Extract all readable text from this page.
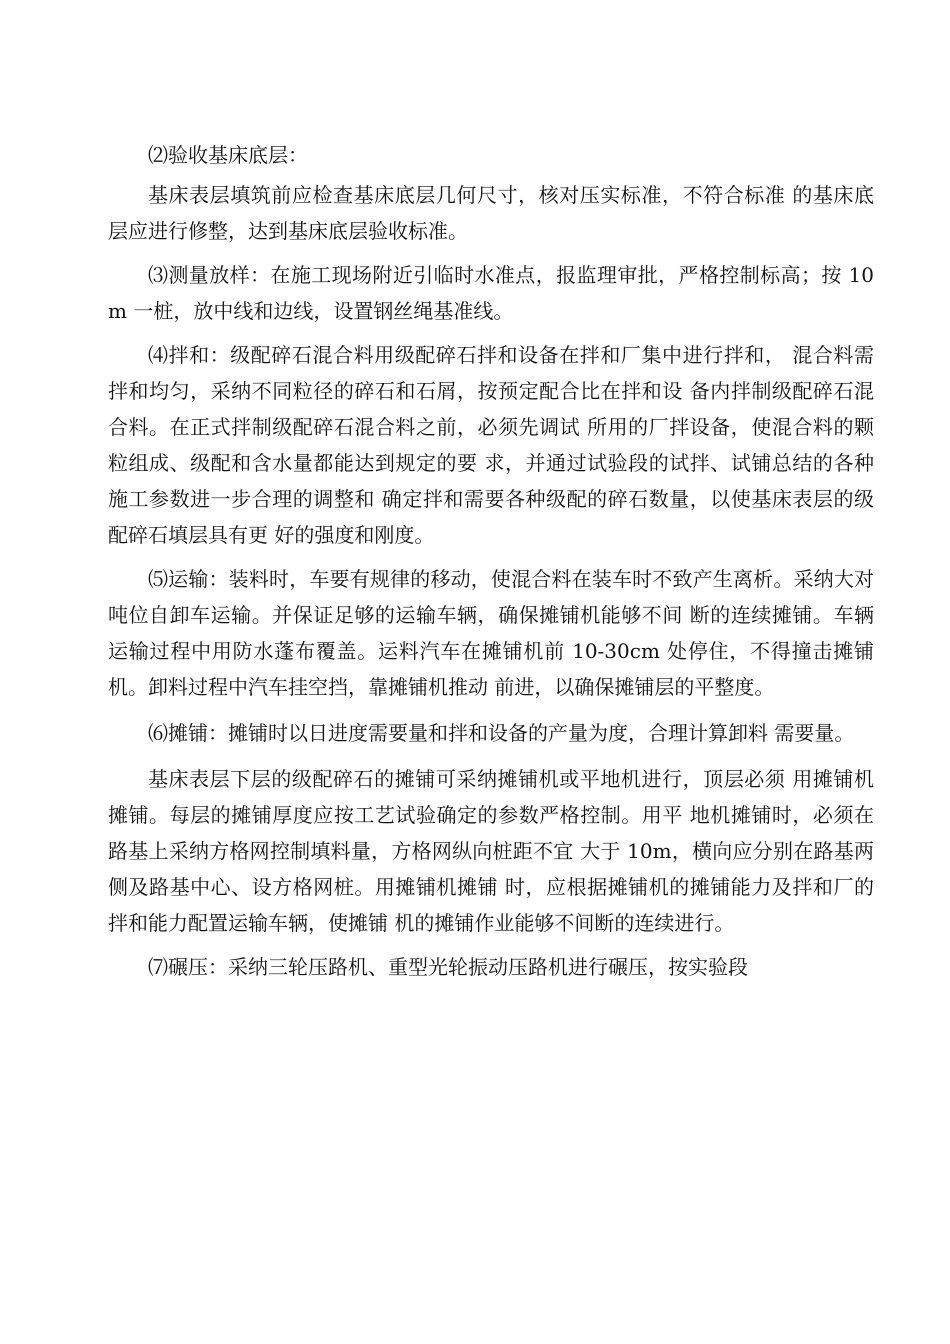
⑵验收基床底层：

基床表层填筑前应检查基床底层几何尺寸，核对压实标准，不符合标准 的基床底层应进行修整，达到基床底层验收标准。

⑶测量放样：在施工现场附近引临时水准点，报监理审批，严格控制标高；按 10m 一桩，放中线和边线，设置钢丝绳基准线。

⑷拌和：级配碎石混合料用级配碎石拌和设备在拌和厂集中进行拌和， 混合料需拌和均匀，采纳不同粒径的碎石和石屑，按预定配合比在拌和设 备内拌制级配碎石混合料。在正式拌制级配碎石混合料之前，必须先调试 所用的厂拌设备，使混合料的颗粒组成、级配和含水量都能达到规定的要 求，并通过试验段的试拌、试铺总结的各种施工参数进一步合理的调整和 确定拌和需要各种级配的碎石数量，以使基床表层的级配碎石填层具有更 好的强度和刚度。

⑸运输：装料时，车要有规律的移动，使混合料在装车时不致产生离析。采纳大对吨位自卸车运输。并保证足够的运输车辆，确保摊铺机能够不间 断的连续摊铺。车辆运输过程中用防水蓬布覆盖。运料汽车在摊铺机前 10-30cm 处停住，不得撞击摊铺机。卸料过程中汽车挂空挡，靠摊铺机推动 前进，以确保摊铺层的平整度。

⑹摊铺：摊铺时以日进度需要量和拌和设备的产量为度，合理计算卸料 需要量。

基床表层下层的级配碎石的摊铺可采纳摊铺机或平地机进行，顶层必须 用摊铺机摊铺。每层的摊铺厚度应按工艺试验确定的参数严格控制。用平 地机摊铺时，必须在路基上采纳方格网控制填料量，方格网纵向桩距不宜 大于 10m，横向应分别在路基两侧及路基中心、设方格网桩。用摊铺机摊铺 时，应根据摊铺机的摊铺能力及拌和厂的拌和能力配置运输车辆，使摊铺 机的摊铺作业能够不间断的连续进行。

⑺碾压：采纳三轮压路机、重型光轮振动压路机进行碾压，按实验段
